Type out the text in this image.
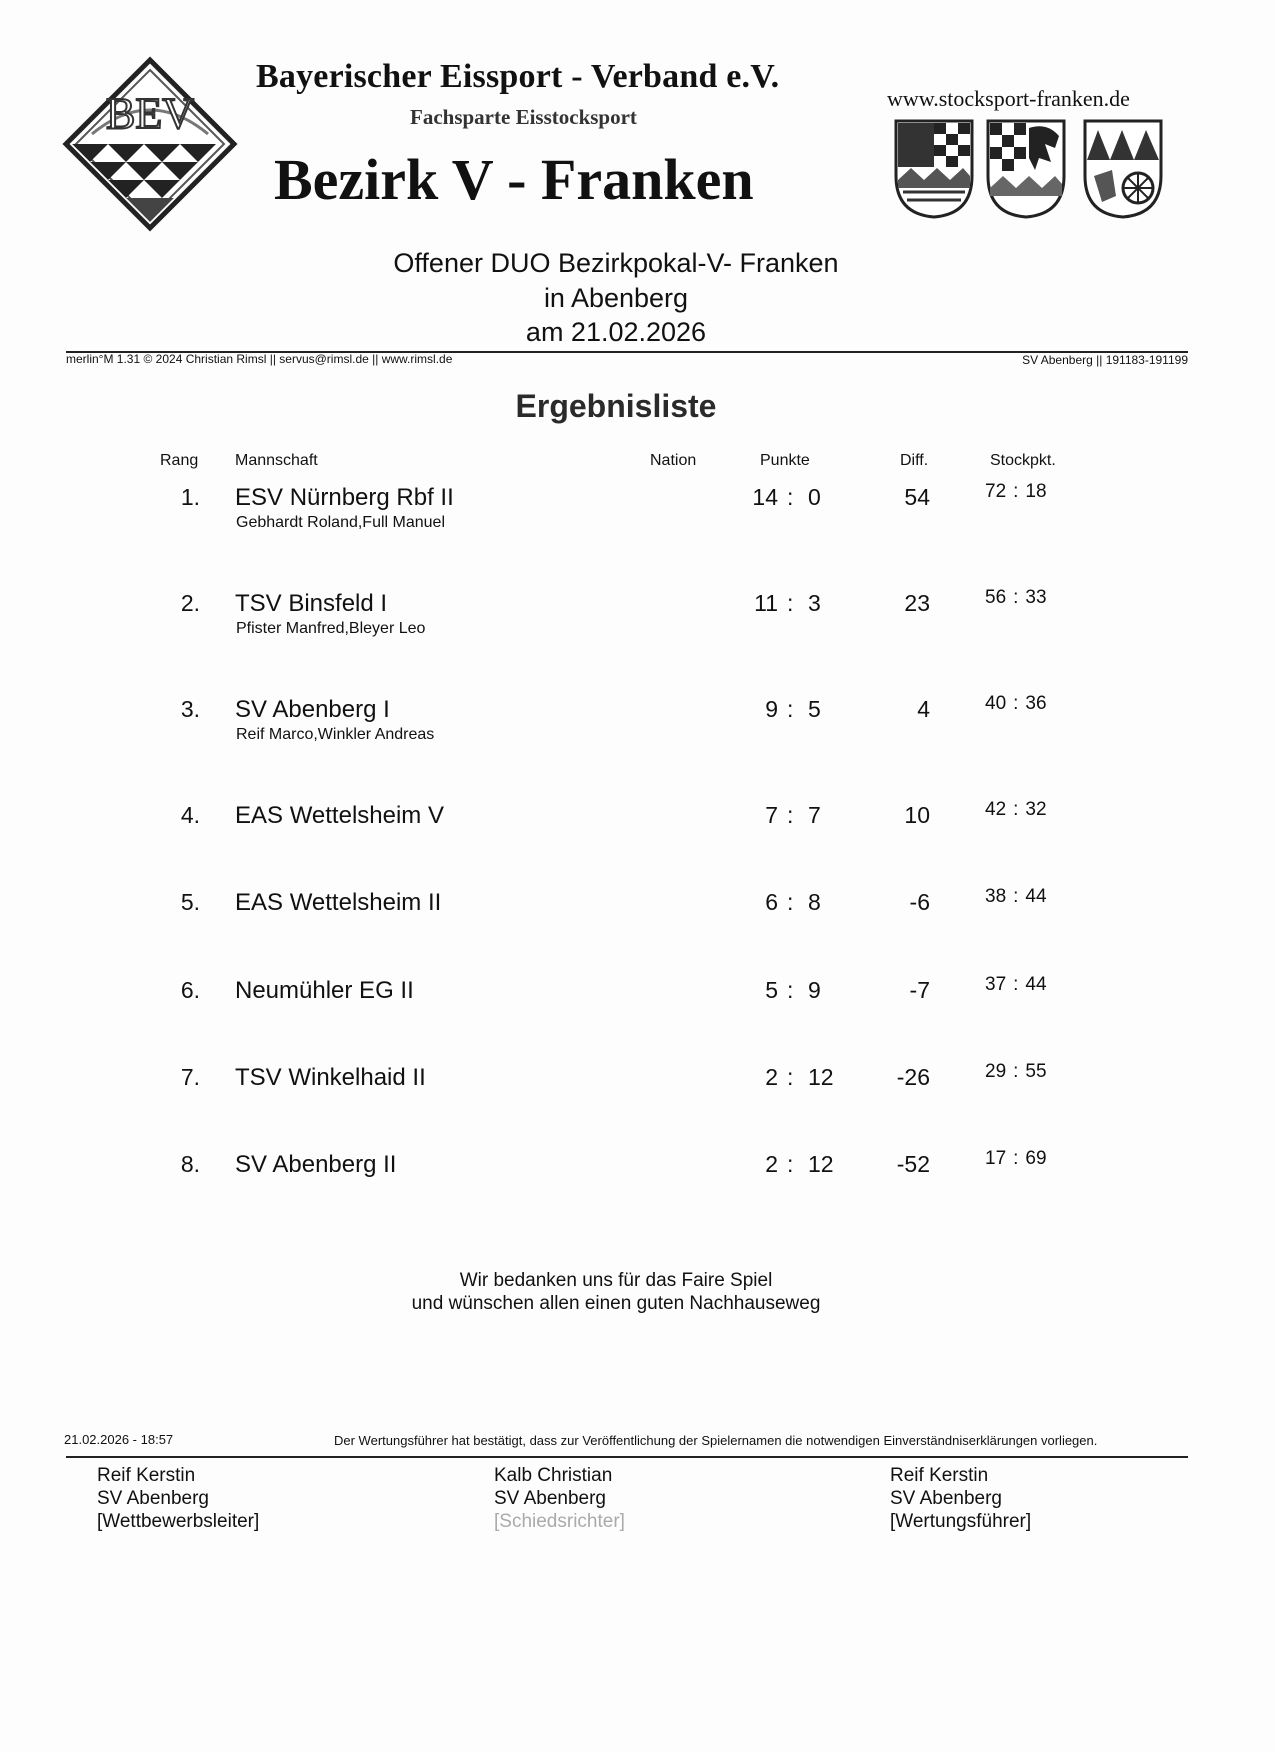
BEV
Bayerischer Eissport - Verband e.V.
Fachsparte Eisstocksport
Bezirk V - Franken
www.stocksport-franken.de
Offener DUO Bezirkpokal-V- Franken
in Abenberg
am 21.02.2026
merlin°M 1.31 © 2024 Christian Rimsl || servus@rimsl.de || www.rimsl.de	SV Abenberg || 191183-191199
Ergebnisliste
Rang Mannschaft	Nation	Punkte	Diff.	Stockpkt.
1. ESV Nürnberg Rbf II
Gebhardt Roland,Full Manuel
14 : 0	54	72 : 18
2. TSV Binsfeld I
Pfister Manfred,Bleyer Leo
11 : 3	23	56 : 33
3. SV Abenberg I
Reif Marco,Winkler Andreas
9 : 5	4	40 : 36
4. EAS Wettelsheim V	7 : 7	10	42 : 32
5. EAS Wettelsheim II	6 : 8	-6	38 : 44
6. Neumühler EG II	5 : 9	-7	37 : 44
7. TSV Winkelhaid II	2 : 12	-26	29 : 55
8. SV Abenberg II	2 : 12	-52	17 : 69
Wir bedanken uns für das Faire Spiel
und wünschen allen einen guten Nachhauseweg
21.02.2026 - 18:57	Der Wertungsführer hat bestätigt, dass zur Veröffentlichung der Spielernamen die notwendigen Einverständniserklärungen vorliegen.
Reif Kerstin
SV Abenberg
[Wettbewerbsleiter]
Kalb Christian
SV Abenberg
[Schiedsrichter]
Reif Kerstin
SV Abenberg
[Wertungsführer]
